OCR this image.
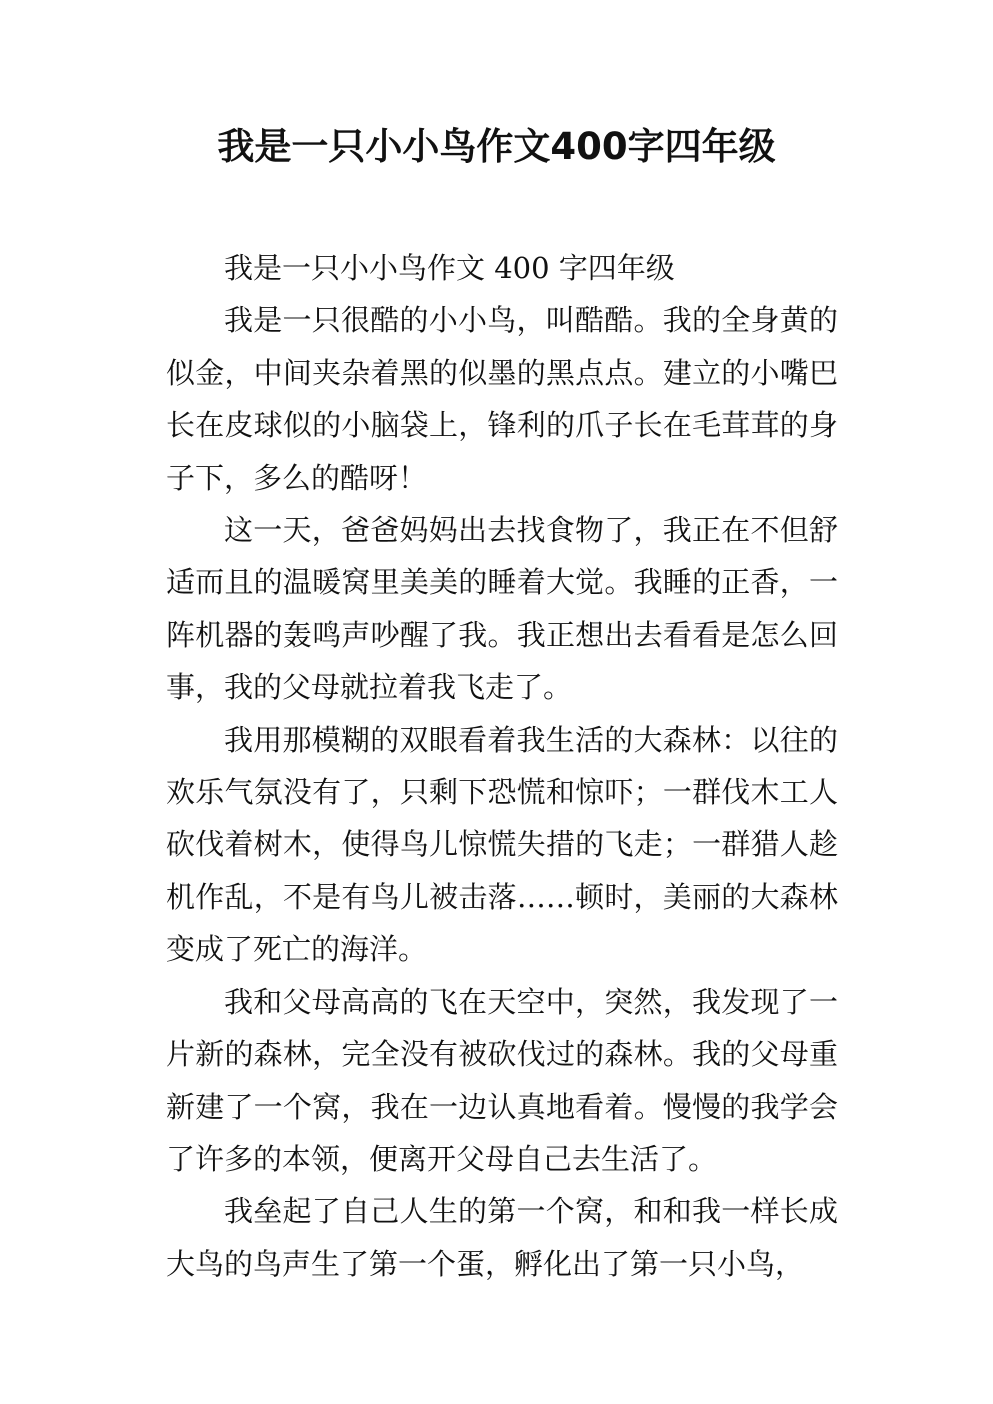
我是一只小小鸟作文400字四年级

我是一只小小鸟作文 400 字四年级

我是一只很酷的小小鸟，叫酷酷。我的全身黄的似金，中间夹杂着黑的似墨的黑点点。建立的小嘴巴长在皮球似的小脑袋上，锋利的爪子长在毛茸茸的身子下，多么的酷呀！

这一天，爸爸妈妈出去找食物了，我正在不但舒适而且的温暖窝里美美的睡着大觉。我睡的正香，一阵机器的轰鸣声吵醒了我。我正想出去看看是怎么回事，我的父母就拉着我飞走了。

我用那模糊的双眼看着我生活的大森林：以往的欢乐气氛没有了，只剩下恐慌和惊吓；一群伐木工人砍伐着树木，使得鸟儿惊慌失措的飞走；一群猎人趁机作乱，不是有鸟儿被击落……顿时，美丽的大森林变成了死亡的海洋。

我和父母高高的飞在天空中，突然，我发现了一片新的森林，完全没有被砍伐过的森林。我的父母重新建了一个窝，我在一边认真地看着。慢慢的我学会了许多的本领，便离开父母自己去生活了。

我垒起了自己人生的第一个窝，和和我一样长成大鸟的鸟声生了第一个蛋，孵化出了第一只小鸟，
